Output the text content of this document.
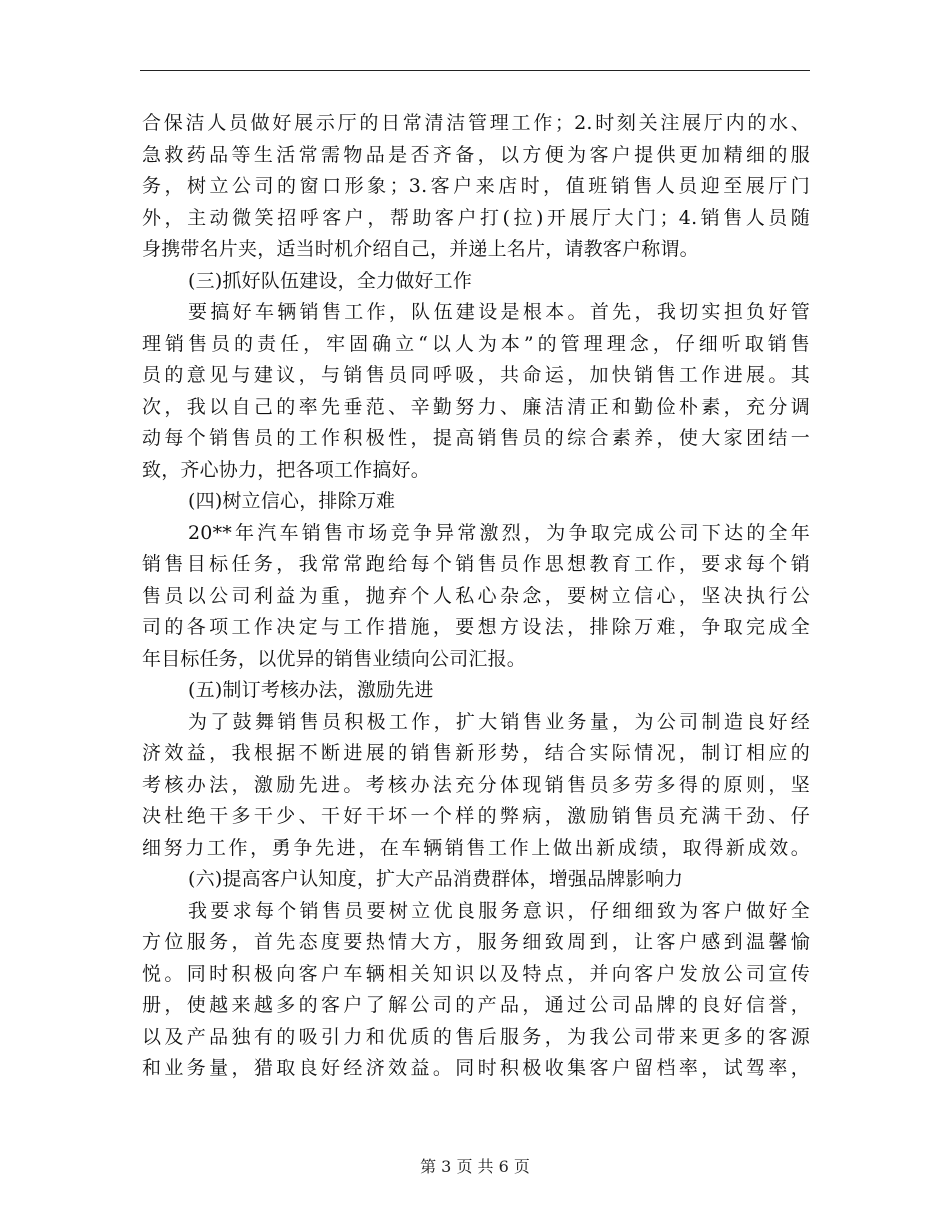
合保洁人员做好展示厅的日常清洁管理工作；2.时刻关注展厅内的水、
急救药品等生活常需物品是否齐备，以方便为客户提供更加精细的服
务，树立公司的窗口形象；3.客户来店时，值班销售人员迎至展厅门
外，主动微笑招呼客户，帮助客户打(拉)开展厅大门；4.销售人员随
身携带名片夹，适当时机介绍自己，并递上名片，请教客户称谓。
(三)抓好队伍建设，全力做好工作
要搞好车辆销售工作，队伍建设是根本。首先，我切实担负好管
理销售员的责任，牢固确立“以人为本”的管理理念，仔细听取销售
员的意见与建议，与销售员同呼吸，共命运，加快销售工作进展。其
次，我以自己的率先垂范、辛勤努力、廉洁清正和勤俭朴素，充分调
动每个销售员的工作积极性，提高销售员的综合素养，使大家团结一
致，齐心协力，把各项工作搞好。
(四)树立信心，排除万难
20**年汽车销售市场竞争异常激烈，为争取完成公司下达的全年
销售目标任务，我常常跑给每个销售员作思想教育工作，要求每个销
售员以公司利益为重，抛弃个人私心杂念，要树立信心，坚决执行公
司的各项工作决定与工作措施，要想方设法，排除万难，争取完成全
年目标任务，以优异的销售业绩向公司汇报。
(五)制订考核办法，激励先进
为了鼓舞销售员积极工作，扩大销售业务量，为公司制造良好经
济效益，我根据不断进展的销售新形势，结合实际情况，制订相应的
考核办法，激励先进。考核办法充分体现销售员多劳多得的原则，坚
决杜绝干多干少、干好干坏一个样的弊病，激励销售员充满干劲、仔
细努力工作，勇争先进，在车辆销售工作上做出新成绩，取得新成效。
(六)提高客户认知度，扩大产品消费群体，增强品牌影响力
我要求每个销售员要树立优良服务意识，仔细细致为客户做好全
方位服务，首先态度要热情大方，服务细致周到，让客户感到温馨愉
悦。同时积极向客户车辆相关知识以及特点，并向客户发放公司宣传
册，使越来越多的客户了解公司的产品，通过公司品牌的良好信誉，
以及产品独有的吸引力和优质的售后服务，为我公司带来更多的客源
和业务量，猎取良好经济效益。同时积极收集客户留档率，试驾率，
第 3 页 共 6 页
